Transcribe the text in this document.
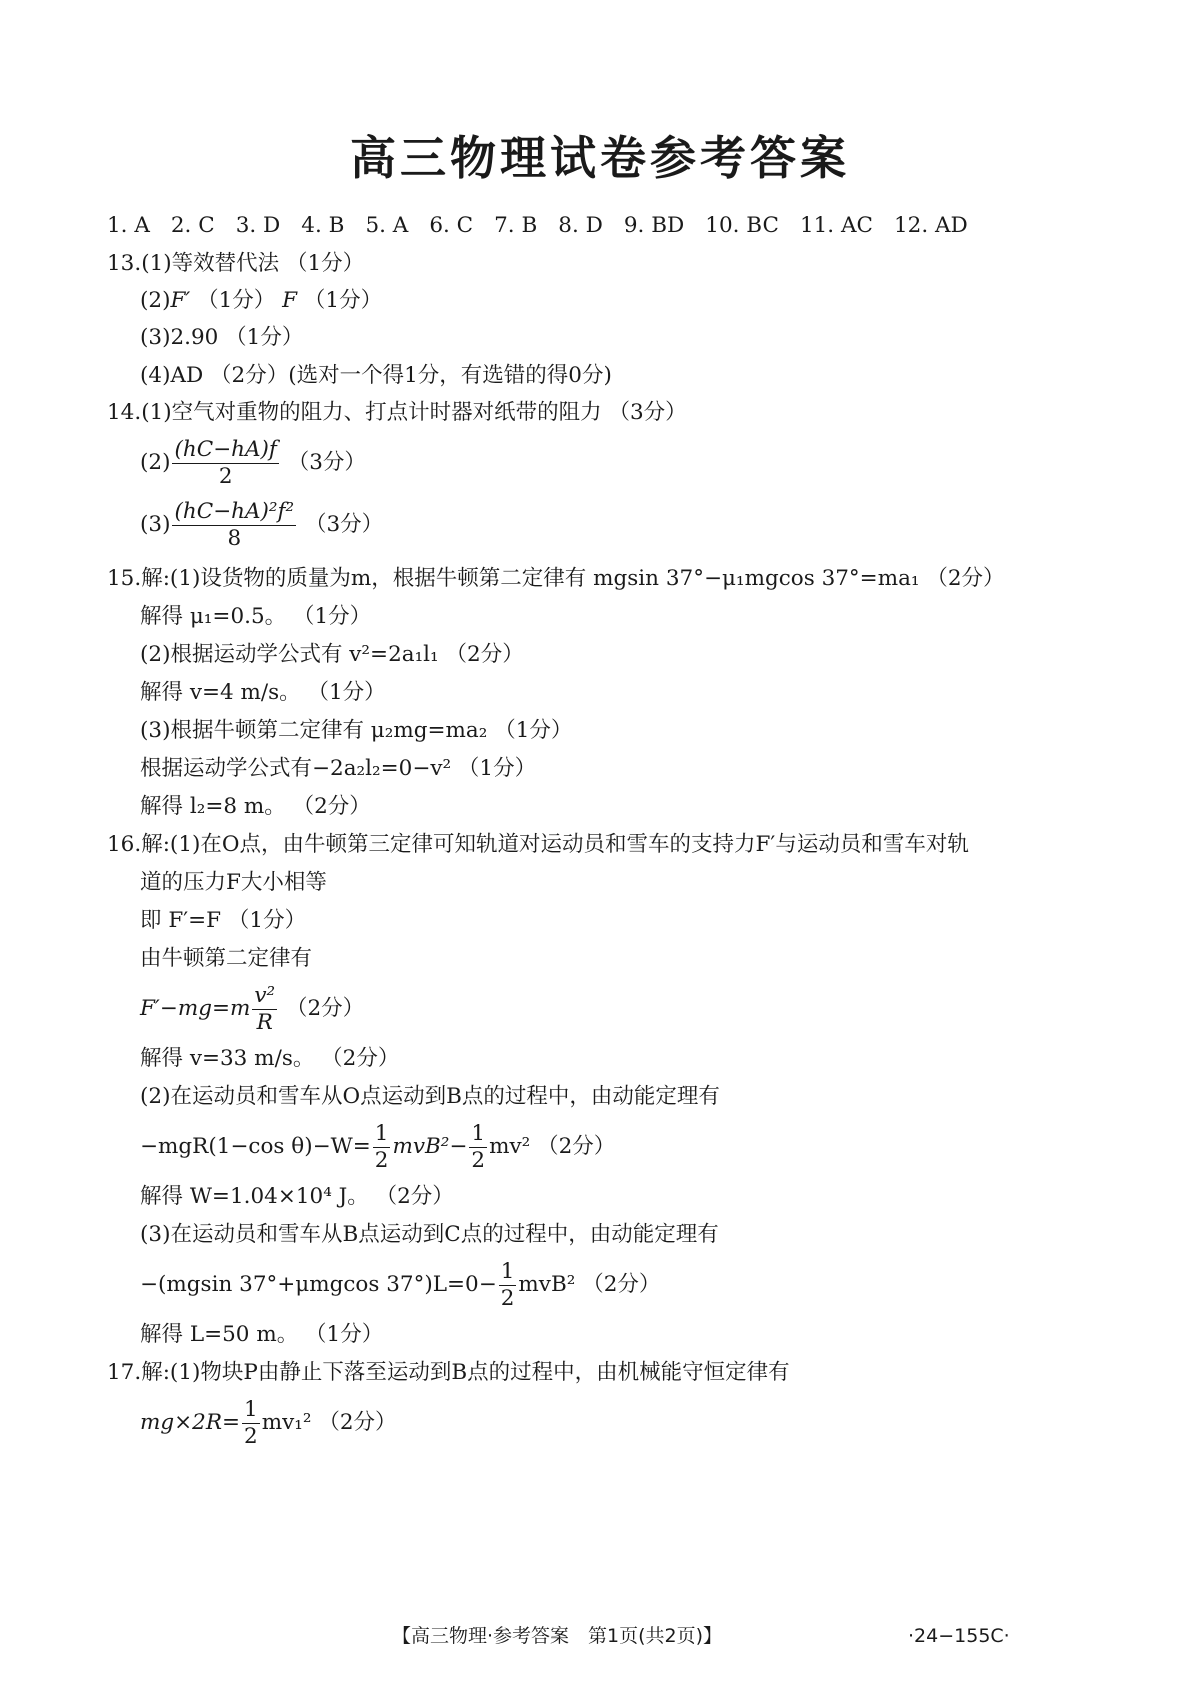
高三物理试卷参考答案
1. A 2. C 3. D 4. B 5. A 6. C 7. B 8. D 9. BD 10. BC 11. AC 12. AD
13.(1)等效替代法 （1分）
(2)F′ （1分） F （1分）
(3)2.90 （1分）
(4)AD （2分）(选对一个得1分，有选错的得0分)
14.(1)空气对重物的阻力、打点计时器对纸带的阻力 （3分）
$(2) \frac{(hC-hA)f}{2} (3$分）
$(3) \frac{\text{(hC−hA)²f²}}{8} (3$分）
15.解:(1)设货物的质量为m，根据牛顿第二定律有 mgsin 37°−μ₁mgcos 37°=ma₁ （2分）
解得 μ₁=0.5。 （1分）
(2)根据运动学公式有 v²=2a₁l₁ （2分）
解得 v=4 m/s。 （1分）
(3)根据牛顿第二定律有 μ₂mg=ma₂ （1分）
根据运动学公式有−2a₂l₂=0−v² （1分）
解得 l₂=8 m。 （2分）
16.解:(1)在O点，由牛顿第三定律可知轨道对运动员和雪车的支持力F′与运动员和雪车对轨
道的压力F大小相等
即 F′=F （1分）
由牛顿第二定律有
$F'-mg=m \frac{\text{v²}}{R} (2$分）
解得 v=33 m/s。 （2分）
(2)在运动员和雪车从O点运动到B点的过程中，由动能定理有
−mgR(1−cos $\theta)-W= \frac{1}{2} mvB^2- \frac{1}{2} mv^2$ （2分）
解得 W=1.04×10⁴ J。 （2分）
(3)在运动员和雪车从B点运动到C点的过程中，由动能定理有
−(mgsin 37°+μmgcos $37^\circ)L=0- \frac{1}{2} mvB^2$ （2分）
解得 L=50 m。 （1分）
17.解:(1)物块P由静止下落至运动到B点的过程中，由机械能守恒定律有
$mg\times 2R= \frac{1}{2} mv_1^2$ （2分）
【高三物理·参考答案　第1页(共2页)】	·24−155C·
